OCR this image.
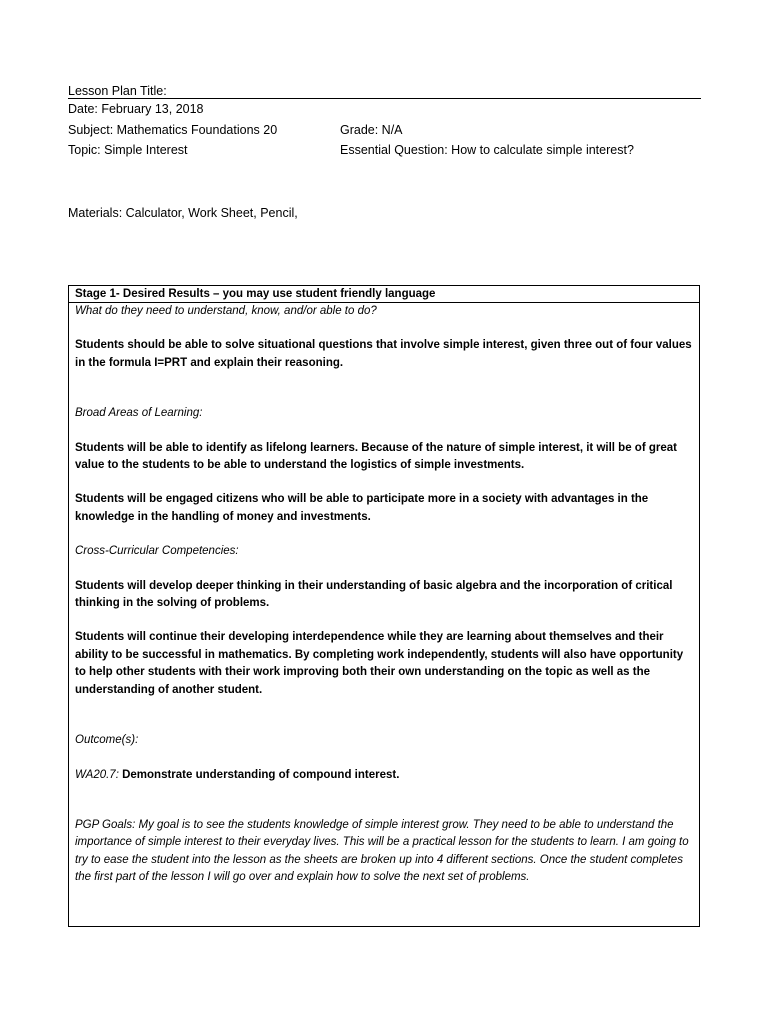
Lesson Plan Title:
Date: February 13, 2018
Subject: Mathematics Foundations 20	Grade: N/A
Topic: Simple Interest	Essential Question: How to calculate simple interest?
Materials: Calculator, Work Sheet, Pencil,
Stage 1- Desired Results – you may use student friendly language

What do they need to understand, know, and/or able to do?

Students should be able to solve situational questions that involve simple interest, given three out of four values in the formula I=PRT and explain their reasoning.

Broad Areas of Learning:

Students will be able to identify as lifelong learners. Because of the nature of simple interest, it will be of great value to the students to be able to understand the logistics of simple investments.

Students will be engaged citizens who will be able to participate more in a society with advantages in the knowledge in the handling of money and investments.

Cross-Curricular Competencies:

Students will develop deeper thinking in their understanding of basic algebra and the incorporation of critical thinking in the solving of problems.

Students will continue their developing interdependence while they are learning about themselves and their ability to be successful in mathematics. By completing work independently, students will also have opportunity to help other students with their work improving both their own understanding on the topic as well as the understanding of another student.

Outcome(s):

WA20.7: Demonstrate understanding of compound interest.

PGP Goals: My goal is to see the students knowledge of simple interest grow. They need to be able to understand the importance of simple interest to their everyday lives. This will be a practical lesson for the students to learn. I am going to try to ease the student into the lesson as the sheets are broken up into 4 different sections. Once the student completes the first part of the lesson I will go over and explain how to solve the next set of problems.
